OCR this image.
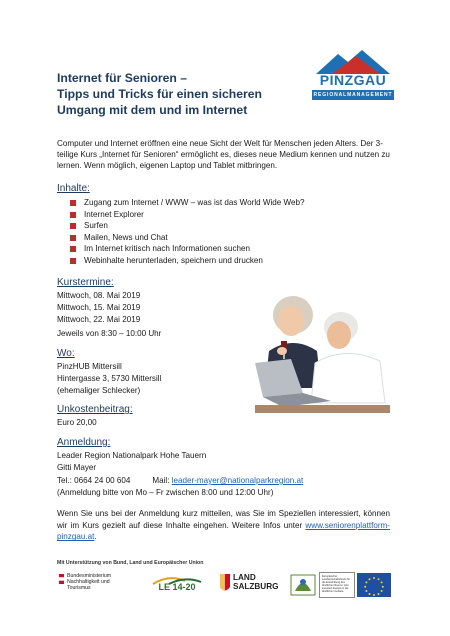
Internet für Senioren –
Tipps und Tricks für einen sicheren
Umgang mit dem und im Internet
PINZGAU
REGIONALMANAGEMENT
Computer und Internet eröffnen eine neue Sicht der Welt für Menschen jeden Alters. Der 3-teilige Kurs „Internet für Senioren“ ermöglicht es, dieses neue Medium kennen und nutzen zu lernen. Wenn möglich, eigenen Laptop und Tablet mitbringen.
Inhalte:
Zugang zum Internet / WWW – was ist das World Wide Web?
Internet Explorer
Surfen
Mailen, News und Chat
Im Internet kritisch nach Informationen suchen
Webinhalte herunterladen, speichern und drucken
Kurstermine:
Mittwoch, 08. Mai 2019
Mittwoch, 15. Mai 2019
Mittwoch, 22. Mai 2019
Jeweils von 8:30 – 10:00 Uhr
Wo:
PinzHUB Mittersill
Hintergasse 3, 5730 Mittersill
(ehemaliger Schlecker)
Unkostenbeitrag:
Euro 20,00
Anmeldung:
Leader Region Nationalpark Hohe Tauern
Gitti Mayer
Tel.: 0664 24 00 604	Mail: leader-mayer@nationalparkregion.at
(Anmeldung bitte von Mo – Fr zwischen 8:00 und 12:00 Uhr)
Wenn Sie uns bei der Anmeldung kurz mitteilen, was Sie im Speziellen interessiert, können wir im Kurs gezielt auf diese Inhalte eingehen. Weitere Infos unter www.seniorenplattform-pinzgau.at.
Mit Unterstützung von Bund, Land und Europäischer Union
Bundesministerium
Nachhaltigkeit und
Tourismus	LE 14-20
LAND
SALZBURG
Europäischer Landwirtschaftsfonds für die Entwicklung des ländlichen Raums: Hier investiert Europa in die ländlichen Gebiete
